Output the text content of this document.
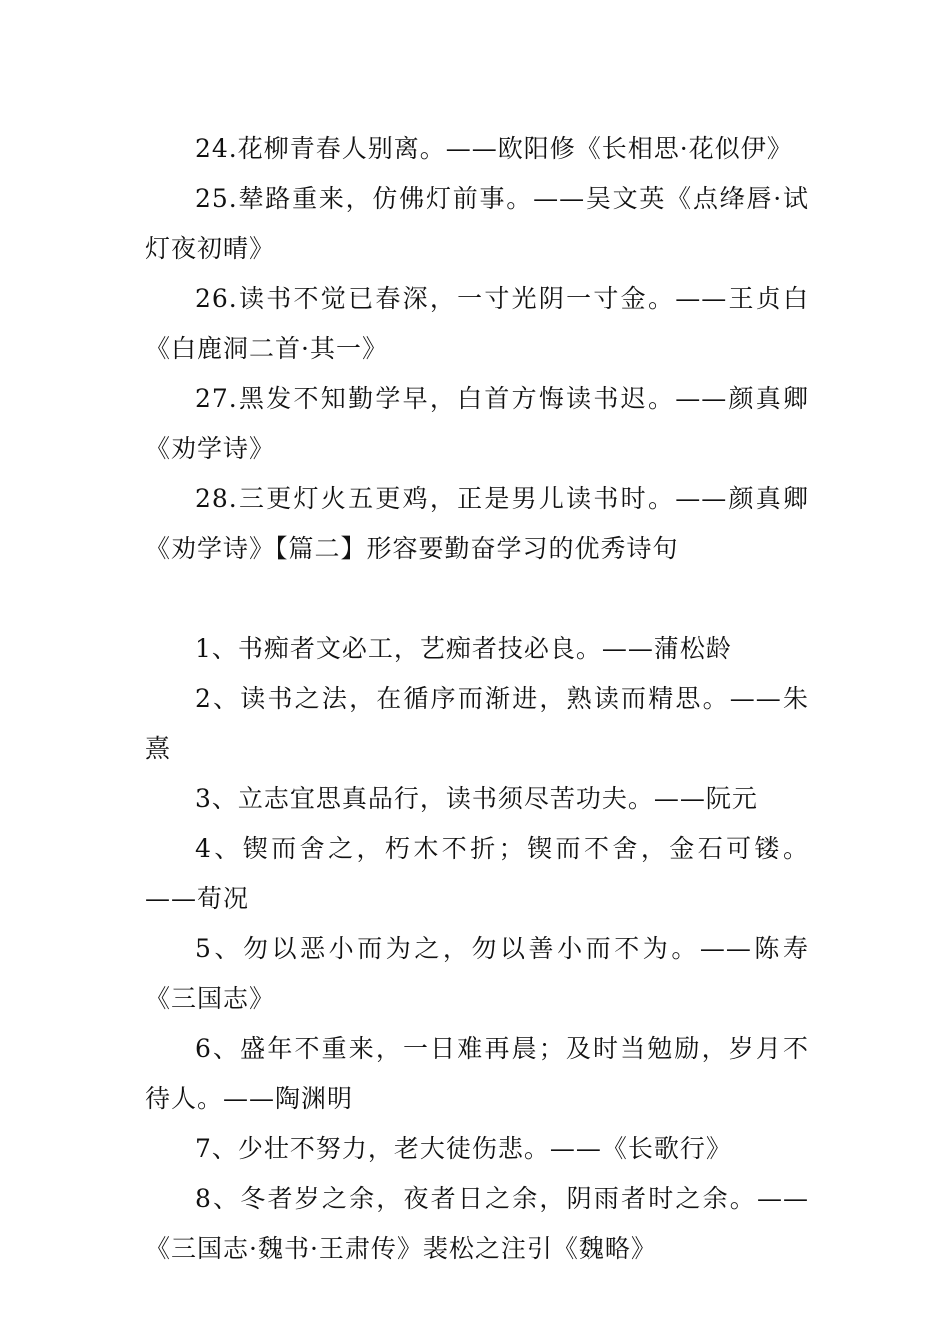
24.花柳青春人别离。——欧阳修《长相思·花似伊》

25.辇路重来，仿佛灯前事。——吴文英《点绛唇·试灯夜初晴》

26.读书不觉已春深，一寸光阴一寸金。——王贞白《白鹿洞二首·其一》

27.黑发不知勤学早，白首方悔读书迟。——颜真卿《劝学诗》

28.三更灯火五更鸡，正是男儿读书时。——颜真卿《劝学诗》【篇二】形容要勤奋学习的优秀诗句

1、书痴者文必工，艺痴者技必良。——蒲松龄

2、读书之法，在循序而渐进，熟读而精思。——朱熹

3、立志宜思真品行，读书须尽苦功夫。——阮元

4、锲而舍之，朽木不折；锲而不舍，金石可镂。——荀况

5、勿以恶小而为之，勿以善小而不为。——陈寿《三国志》

6、盛年不重来，一日难再晨；及时当勉励，岁月不待人。——陶渊明

7、少壮不努力，老大徒伤悲。——《长歌行》

8、冬者岁之余，夜者日之余，阴雨者时之余。——《三国志·魏书·王肃传》裴松之注引《魏略》
